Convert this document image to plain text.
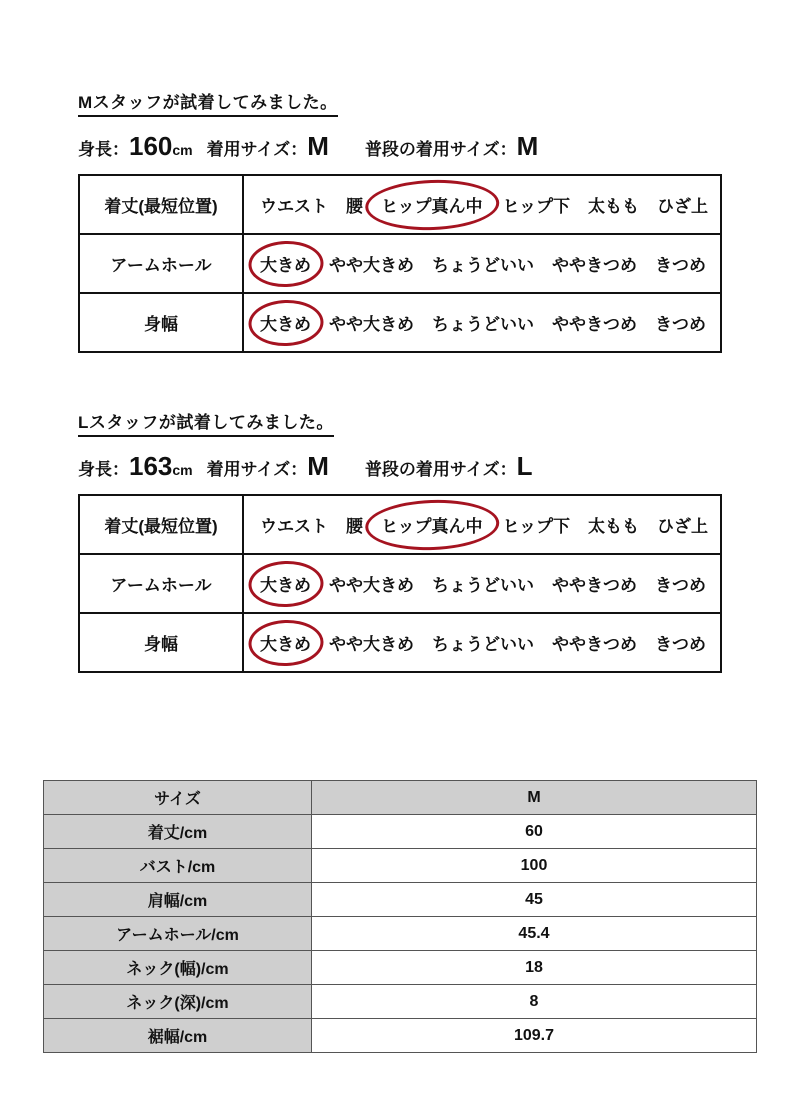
Mスタッフが試着してみました。
身長： 160 cm 着用サイズ： M 普段の着用サイズ： M
着丈(最短位置)	ウエスト 腰 ヒップ真ん中 ヒップ下 太もも ひざ上

アームホール	大きめ やや大きめ ちょうどいい ややきつめ きつめ

身幅	大きめ やや大きめ ちょうどいい ややきつめ きつめ
Lスタッフが試着してみました。
身長： 163 cm 着用サイズ： M 普段の着用サイズ： L
着丈(最短位置)	ウエスト 腰 ヒップ真ん中 ヒップ下 太もも ひざ上

アームホール	大きめ やや大きめ ちょうどいい ややきつめ きつめ

身幅	大きめ やや大きめ ちょうどいい ややきつめ きつめ
サイズ	M
着丈/cm	60
バスト/cm	100
肩幅/cm	45
アームホール/cm	45.4
ネック(幅)/cm	18
ネック(深)/cm	8
裾幅/cm	109.7
